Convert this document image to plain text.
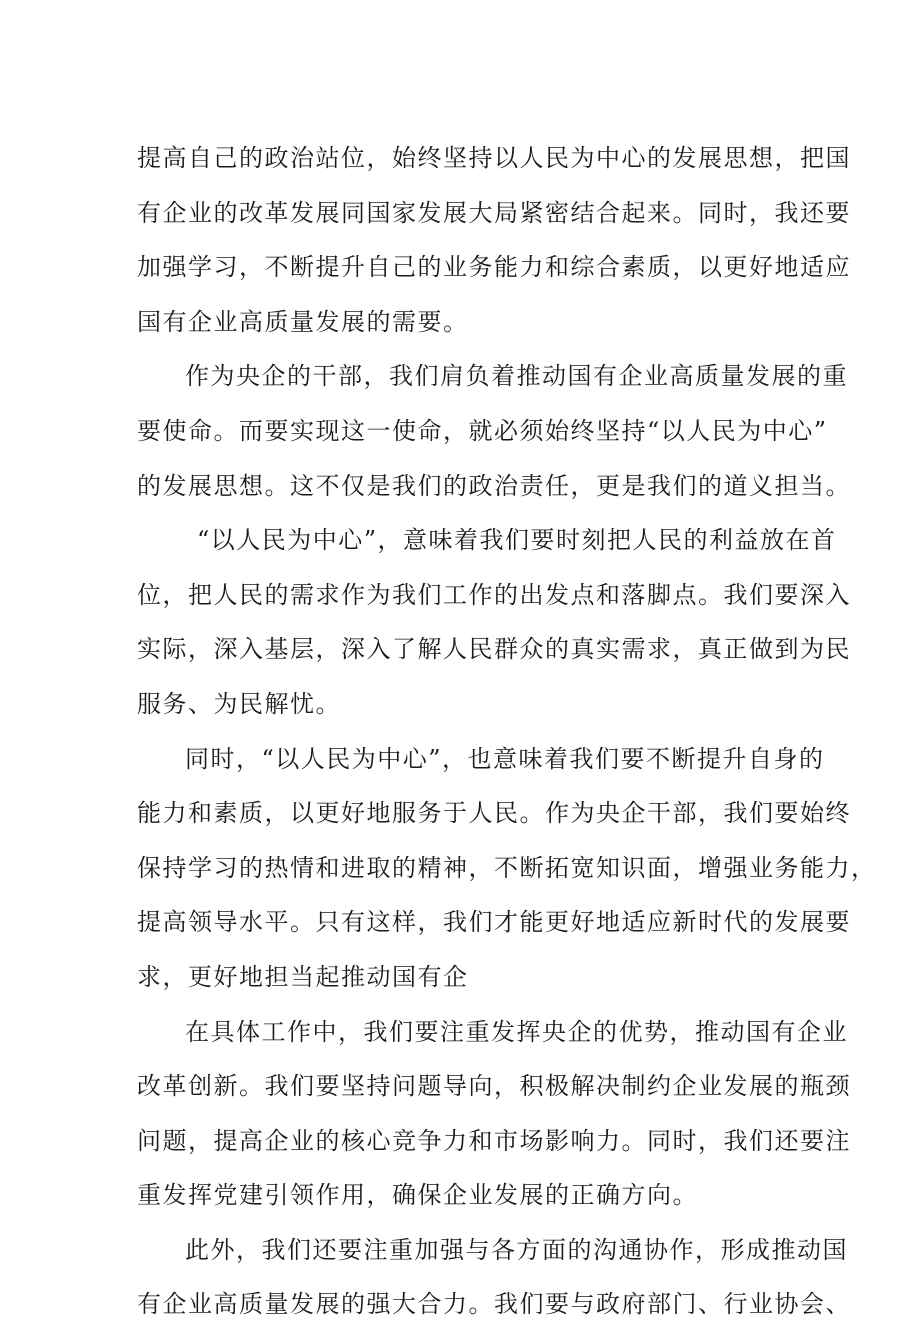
提高自己的政治站位，始终坚持以人民为中心的发展思想，把国
有企业的改革发展同国家发展大局紧密结合起来。同时，我还要
加强学习，不断提升自己的业务能力和综合素质，以更好地适应
国有企业高质量发展的需要。
作为央企的干部，我们肩负着推动国有企业高质量发展的重
要使命。而要实现这一使命，就必须始终坚持“以人民为中心”
的发展思想。这不仅是我们的政治责任，更是我们的道义担当。
“以人民为中心”，意味着我们要时刻把人民的利益放在首
位，把人民的需求作为我们工作的出发点和落脚点。我们要深入
实际，深入基层，深入了解人民群众的真实需求，真正做到为民
服务、为民解忧。
同时，“以人民为中心”，也意味着我们要不断提升自身的
能力和素质，以更好地服务于人民。作为央企干部，我们要始终
保持学习的热情和进取的精神，不断拓宽知识面，增强业务能力，
提高领导水平。只有这样，我们才能更好地适应新时代的发展要
求，更好地担当起推动国有企
在具体工作中，我们要注重发挥央企的优势，推动国有企业
改革创新。我们要坚持问题导向，积极解决制约企业发展的瓶颈
问题，提高企业的核心竞争力和市场影响力。同时，我们还要注
重发挥党建引领作用，确保企业发展的正确方向。
此外，我们还要注重加强与各方面的沟通协作，形成推动国
有企业高质量发展的强大合力。我们要与政府部门、行业协会、
